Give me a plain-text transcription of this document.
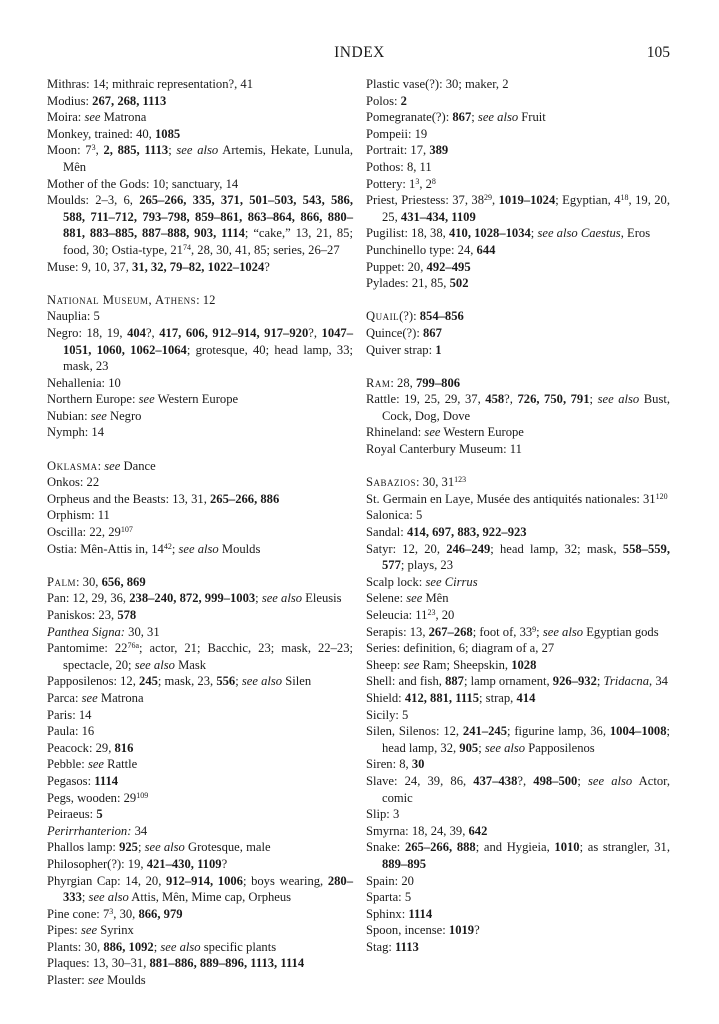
INDEX	105
Mithras: 14; mithraic representation?, 41
Modius: 267, 268, 1113
Moira: see Matrona
Monkey, trained: 40, 1085
Moon: $7^3$, 2, 885, 1113; see also Artemis, Hekate, Lunula, Mên
Mother of the Gods: 10; sanctuary, 14
Moulds: 2–3, 6, 265–266, 335, 371, 501–503, 543, 586, 588, 711–712, 793–798, 859–861, 863–864, 866, 880–881, 883–885, 887–888, 903, 1114; “cake,” 13, 21, 85; food, 30; Ostia-type, $21^{74}$, 28, 30, 41, 85; series, 26–27
Muse: 9, 10, 37, 31, 32, 79–82, 1022–1024?
National Museum, Athens: 12
Nauplia: 5
Negro: 18, 19, 404?, 417, 606, 912–914, 917–920?, 1047–1051, 1060, 1062–1064; grotesque, 40; head lamp, 33; mask, 23
Nehallenia: 10
Northern Europe: see Western Europe
Nubian: see Negro
Nymph: 14
Oklasma: see Dance
Onkos: 22
Orpheus and the Beasts: 13, 31, 265–266, 886
Orphism: 11
Oscilla: 22, $29^{107}$
Ostia: Mên-Attis in, $14^{42}$; see also Moulds
Palm: 30, 656, 869
Pan: 12, 29, 36, 238–240, 872, 999–1003; see also Eleusis
Paniskos: 23, 578
Panthea Signa: 30, 31
Pantomime: $22^{76a}$; actor, 21; Bacchic, 23; mask, 22–23; spectacle, 20; see also Mask
Papposilenos: 12, 245; mask, 23, 556; see also Silen
Parca: see Matrona
Paris: 14
Paula: 16
Peacock: 29, 816
Pebble: see Rattle
Pegasos: 1114
Pegs, wooden: $29^{109}$
Peiraeus: 5
Perirrhanterion: 34
Phallos lamp: 925; see also Grotesque, male
Philosopher(?): 19, 421–430, 1109?
Phyrgian Cap: 14, 20, 912–914, 1006; boys wearing, 280–333; see also Attis, Mên, Mime cap, Orpheus
Pine cone: $7^3$, 30, 866, 979
Pipes: see Syrinx
Plants: 30, 886, 1092; see also specific plants
Plaques: 13, 30–31, 881–886, 889–896, 1113, 1114
Plaster: see Moulds
Plastic vase(?): 30; maker, 2
Polos: 2
Pomegranate(?): 867; see also Fruit
Pompeii: 19
Portrait: 17, 389
Pothos: 8, 11
Pottery: $1^3$, $2^8$
Priest, Priestess: 37, $38^{29}$, 1019–1024; Egyptian, $4^{18}$, 19, 20, 25, 431–434, 1109
Pugilist: 18, 38, 410, 1028–1034; see also Caestus, Eros
Punchinello type: 24, 644
Puppet: 20, 492–495
Pylades: 21, 85, 502
Quail(?): 854–856
Quince(?): 867
Quiver strap: 1
Ram: 28, 799–806
Rattle: 19, 25, 29, 37, 458?, 726, 750, 791; see also Bust, Cock, Dog, Dove
Rhineland: see Western Europe
Royal Canterbury Museum: 11
Sabazios: 30, $31^{123}$
St. Germain en Laye, Musée des antiquités nationales: $31^{120}$
Salonica: 5
Sandal: 414, 697, 883, 922–923
Satyr: 12, 20, 246–249; head lamp, 32; mask, 558–559, 577; plays, 23
Scalp lock: see Cirrus
Selene: see Mên
Seleucia: $11^{23}$, 20
Serapis: 13, 267–268; foot of, $33^9$; see also Egyptian gods
Series: definition, 6; diagram of a, 27
Sheep: see Ram; Sheepskin, 1028
Shell: and fish, 887; lamp ornament, 926–932; Tridacna, 34
Shield: 412, 881, 1115; strap, 414
Sicily: 5
Silen, Silenos: 12, 241–245; figurine lamp, 36, 1004–1008; head lamp, 32, 905; see also Papposilenos
Siren: 8, 30
Slave: 24, 39, 86, 437–438?, 498–500; see also Actor, comic
Slip: 3
Smyrna: 18, 24, 39, 642
Snake: 265–266, 888; and Hygieia, 1010; as strangler, 31, 889–895
Spain: 20
Sparta: 5
Sphinx: 1114
Spoon, incense: 1019?
Stag: 1113
